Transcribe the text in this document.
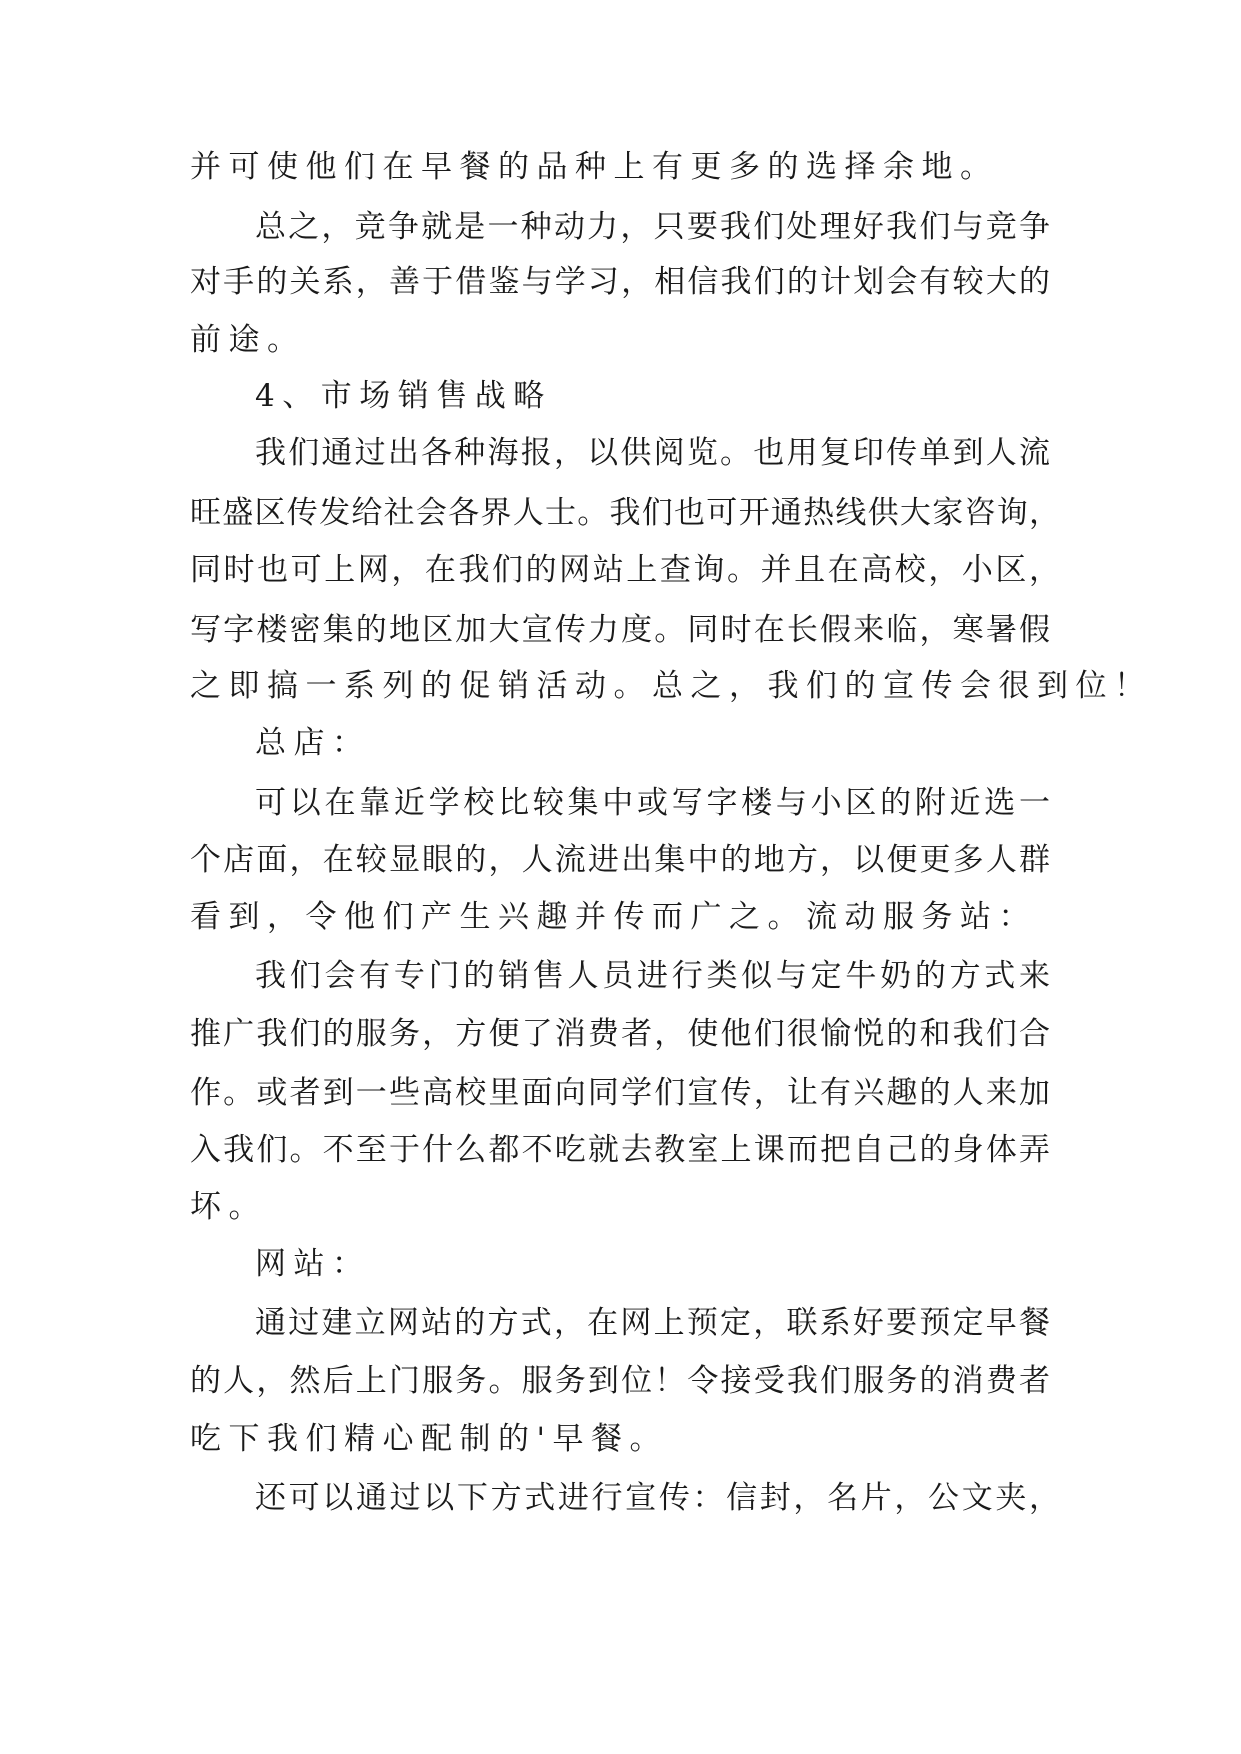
并可使他们在早餐的品种上有更多的选择余地。
总之，竞争就是一种动力，只要我们处理好我们与竞争
对手的关系，善于借鉴与学习，相信我们的计划会有较大的
前途。
4、市场销售战略
我们通过出各种海报，以供阅览。也用复印传单到人流
旺盛区传发给社会各界人士。我们也可开通热线供大家咨询，
同时也可上网，在我们的网站上查询。并且在高校，小区，
写字楼密集的地区加大宣传力度。同时在长假来临，寒暑假
之即搞一系列的促销活动。总之，我们的宣传会很到位！
总店：
可以在靠近学校比较集中或写字楼与小区的附近选一
个店面，在较显眼的，人流进出集中的地方，以便更多人群
看到，令他们产生兴趣并传而广之。流动服务站：
我们会有专门的销售人员进行类似与定牛奶的方式来
推广我们的服务，方便了消费者，使他们很愉悦的和我们合
作。或者到一些高校里面向同学们宣传，让有兴趣的人来加
入我们。不至于什么都不吃就去教室上课而把自己的身体弄
坏。
网站：
通过建立网站的方式，在网上预定，联系好要预定早餐
的人，然后上门服务。服务到位！令接受我们服务的消费者
吃下我们精心配制的'早餐。
还可以通过以下方式进行宣传：信封，名片，公文夹，
